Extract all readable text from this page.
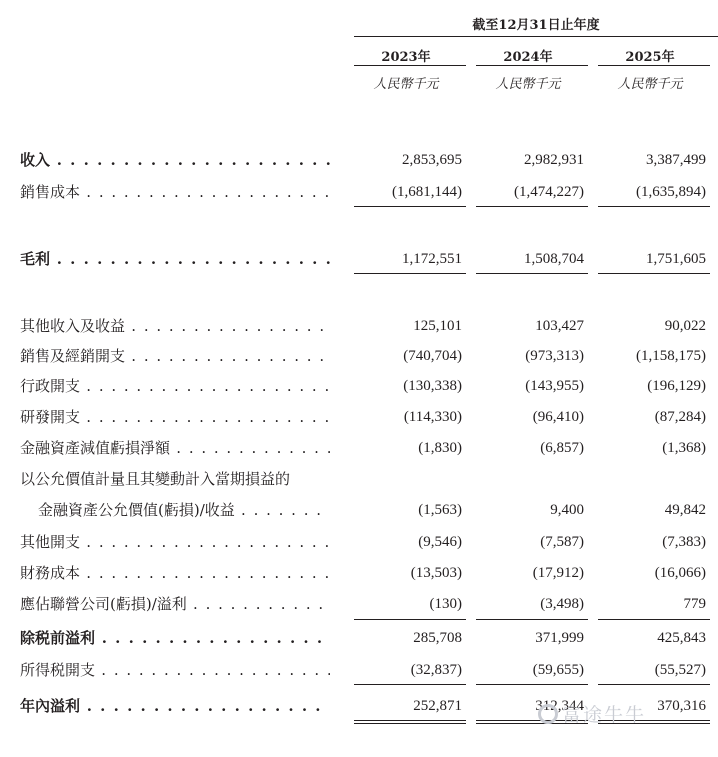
截至12月31日止年度
2023年	2024年	2025年
人民幣千元	人民幣千元	人民幣千元
收入 . . .	2,853,695	2,982,931	3,387,499
銷售成本 . . .	(1,681,144)	(1,474,227)	(1,635,894)
毛利 . . .	1,172,551	1,508,704	1,751,605
其他收入及收益 . . .	125,101	103,427	90,022
銷售及經銷開支 . . .	(740,704)	(973,313)	(1,158,175)
行政開支 . . .	(130,338)	(143,955)	(196,129)
研發開支 . . .	(114,330)	(96,410)	(87,284)
金融資產減值虧損淨額 . . .	(1,830)	(6,857)	(1,368)
以公允價值計量且其變動計入當期損益的
金融資產公允價值(虧損)/收益 . . .	(1,563)	9,400	49,842
其他開支 . . .	(9,546)	(7,587)	(7,383)
財務成本 . . .	(13,503)	(17,912)	(16,066)
應佔聯營公司(虧損)/溢利 . . .	(130)	(3,498)	779
除税前溢利 . . .	285,708	371,999	425,843
所得税開支 . . .	(32,837)	(59,655)	(55,527)
年內溢利 . . .	252,871	312,344	370,316
富途牛牛
